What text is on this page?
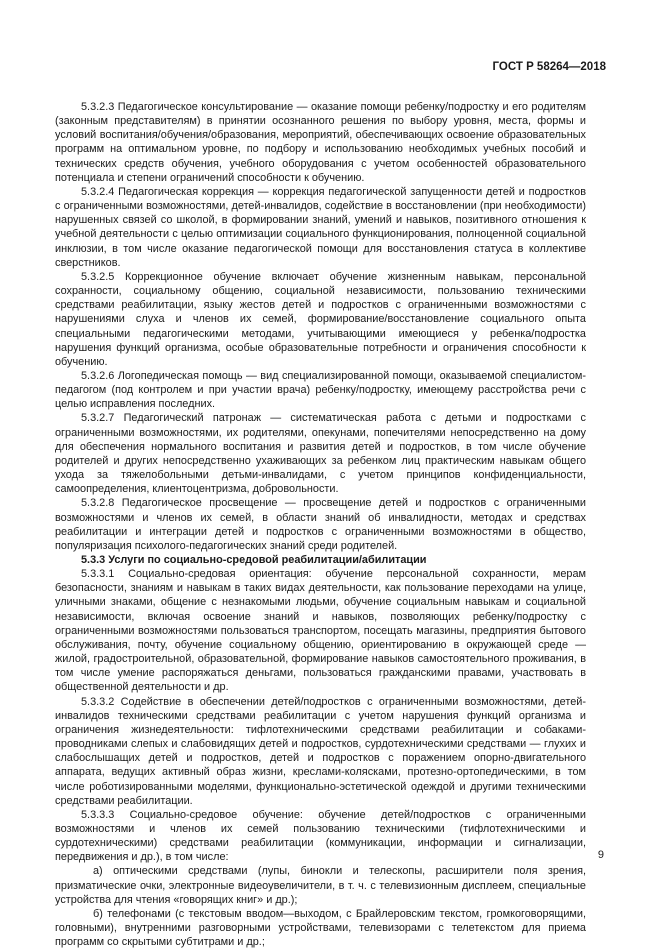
ГОСТ Р 58264—2018

5.3.2.3 Педагогическое консультирование — оказание помощи ребенку/подростку и его родителям (законным представителям) в принятии осознанного решения по выбору уровня, места, формы и условий воспитания/обучения/образования, мероприятий, обеспечивающих освоение образовательных программ на оптимальном уровне, по подбору и использованию необходимых учебных пособий и технических средств обучения, учебного оборудования с учетом особенностей образовательного потенциала и степени ограничений способности к обучению.

5.3.2.4 Педагогическая коррекция — коррекция педагогической запущенности детей и подростков с ограниченными возможностями, детей-инвалидов, содействие в восстановлении (при необходимости) нарушенных связей со школой, в формировании знаний, умений и навыков, позитивного отношения к учебной деятельности с целью оптимизации социального функционирования, полноценной социальной инклюзии, в том числе оказание педагогической помощи для восстановления статуса в коллективе сверстников.

5.3.2.5 Коррекционное обучение включает обучение жизненным навыкам, персональной сохранности, социальному общению, социальной независимости, пользованию техническими средствами реабилитации, языку жестов детей и подростков с ограниченными возможностями с нарушениями слуха и членов их семей, формирование/восстановление социального опыта специальными педагогическими методами, учитывающими имеющиеся у ребенка/подростка нарушения функций организма, особые образовательные потребности и ограничения способности к обучению.

5.3.2.6 Логопедическая помощь — вид специализированной помощи, оказываемой специалистом-педагогом (под контролем и при участии врача) ребенку/подростку, имеющему расстройства речи с целью исправления последних.

5.3.2.7 Педагогический патронаж — систематическая работа с детьми и подростками с ограниченными возможностями, их родителями, опекунами, попечителями непосредственно на дому для обеспечения нормального воспитания и развития детей и подростков, в том числе обучение родителей и других непосредственно ухаживающих за ребенком лиц практическим навыкам общего ухода за тяжелобольными детьми-инвалидами, с учетом принципов конфиденциальности, самоопределения, клиентоцентризма, добровольности.

5.3.2.8 Педагогическое просвещение — просвещение детей и подростков с ограниченными возможностями и членов их семей, в области знаний об инвалидности, методах и средствах реабилитации и интеграции детей и подростков с ограниченными возможностями в общество, популяризация психолого-педагогических знаний среди родителей.

5.3.3 Услуги по социально-средовой реабилитации/абилитации

5.3.3.1 Социально-средовая ориентация: обучение персональной сохранности, мерам безопасности, знаниям и навыкам в таких видах деятельности, как пользование переходами на улице, уличными знаками, общение с незнакомыми людьми, обучение социальным навыкам и социальной независимости, включая освоение знаний и навыков, позволяющих ребенку/подростку с ограниченными возможностями пользоваться транспортом, посещать магазины, предприятия бытового обслуживания, почту, обучение социальному общению, ориентированию в окружающей среде — жилой, градостроительной, образовательной, формирование навыков самостоятельного проживания, в том числе умение распоряжаться деньгами, пользоваться гражданскими правами, участвовать в общественной деятельности и др.

5.3.3.2 Содействие в обеспечении детей/подростков с ограниченными возможностями, детей-инвалидов техническими средствами реабилитации с учетом нарушения функций организма и ограничения жизнедеятельности: тифлотехническими средствами реабилитации и собаками-проводниками слепых и слабовидящих детей и подростков, сурдотехническими средствами — глухих и слабослышащих детей и подростков, детей и подростков с поражением опорно-двигательного аппарата, ведущих активный образ жизни, креслами-колясками, протезно-ортопедическими, в том числе роботизированными моделями, функционально-эстетической одеждой и другими техническими средствами реабилитации.

5.3.3.3 Социально-средовое обучение: обучение детей/подростков с ограниченными возможностями и членов их семей пользованию техническими (тифлотехническими и сурдотехническими) средствами реабилитации (коммуникации, информации и сигнализации, передвижения и др.), в том числе:

а) оптическими средствами (лупы, бинокли и телескопы, расширители поля зрения, призматические очки, электронные видеоувеличители, в т. ч. с телевизионным дисплеем, специальные устройства для чтения «говорящих книг» и др.);

б) телефонами (с текстовым вводом—выходом, с Брайлеровским текстом, громкоговорящими, головными), внутренними разговорными устройствами, телевизорами с телетекстом для приема программ со скрытыми субтитрами и др.;

9
